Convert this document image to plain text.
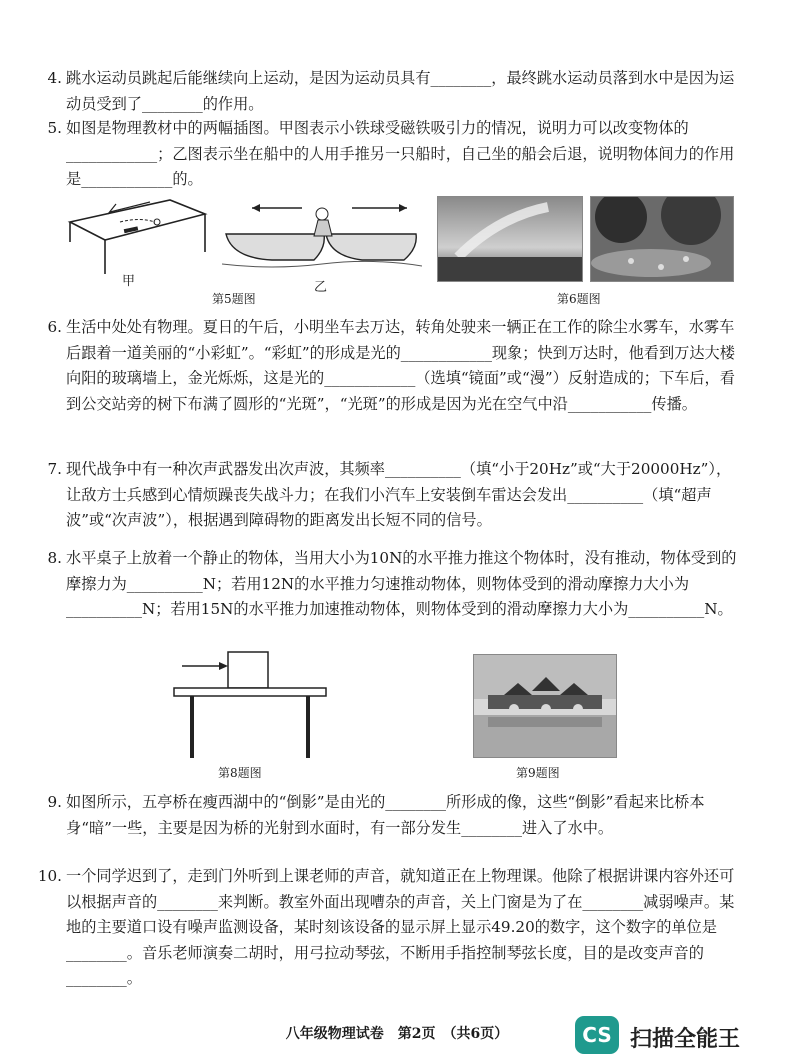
4. 跳水运动员跳起后能继续向上运动，是因为运动员具有________，最终跳水运动员落到水中是因为运动员受到了________的作用。
5. 如图是物理教材中的两幅插图。甲图表示小铁球受磁铁吸引力的情况，说明力可以改变物体的____________；乙图表示坐在船中的人用手推另一只船时，自己坐的船会后退，说明物体间力的作用是____________的。
甲	乙
第5题图	第6题图
6. 生活中处处有物理。夏日的午后，小明坐车去万达，转角处驶来一辆正在工作的除尘水雾车，水雾车后跟着一道美丽的“小彩虹”。“彩虹”的形成是光的____________现象；快到万达时，他看到万达大楼向阳的玻璃墙上，金光烁烁，这是光的____________（选填“镜面”或“漫”）反射造成的；下车后，看到公交站旁的树下布满了圆形的“光斑”，“光斑”的形成是因为光在空气中沿___________传播。
7. 现代战争中有一种次声武器发出次声波，其频率__________（填“小于20Hz”或“大于20000Hz”），让敌方士兵感到心情烦躁丧失战斗力；在我们小汽车上安装倒车雷达会发出__________（填“超声波”或“次声波”），根据遇到障碍物的距离发出长短不同的信号。
8. 水平桌子上放着一个静止的物体，当用大小为10N的水平推力推这个物体时，没有推动，物体受到的摩擦力为__________N；若用12N的水平推力匀速推动物体，则物体受到的滑动摩擦力大小为__________N；若用15N的水平推力加速推动物体，则物体受到的滑动摩擦力大小为__________N。
第8题图	第9题图
9. 如图所示，五亭桥在瘦西湖中的“倒影”是由光的________所形成的像，这些“倒影”看起来比桥本身“暗”一些，主要是因为桥的光射到水面时，有一部分发生________进入了水中。
10. 一个同学迟到了，走到门外听到上课老师的声音，就知道正在上物理课。他除了根据讲课内容外还可以根据声音的________来判断。教室外面出现嘈杂的声音，关上门窗是为了在________减弱噪声。某地的主要道口设有噪声监测设备，某时刻该设备的显示屏上显示49.20的数字，这个数字的单位是________。音乐老师演奏二胡时，用弓拉动琴弦，不断用手指控制琴弦长度，目的是改变声音的________。
八年级物理试卷　第2页　（共6页）	CS 扫描全能王
